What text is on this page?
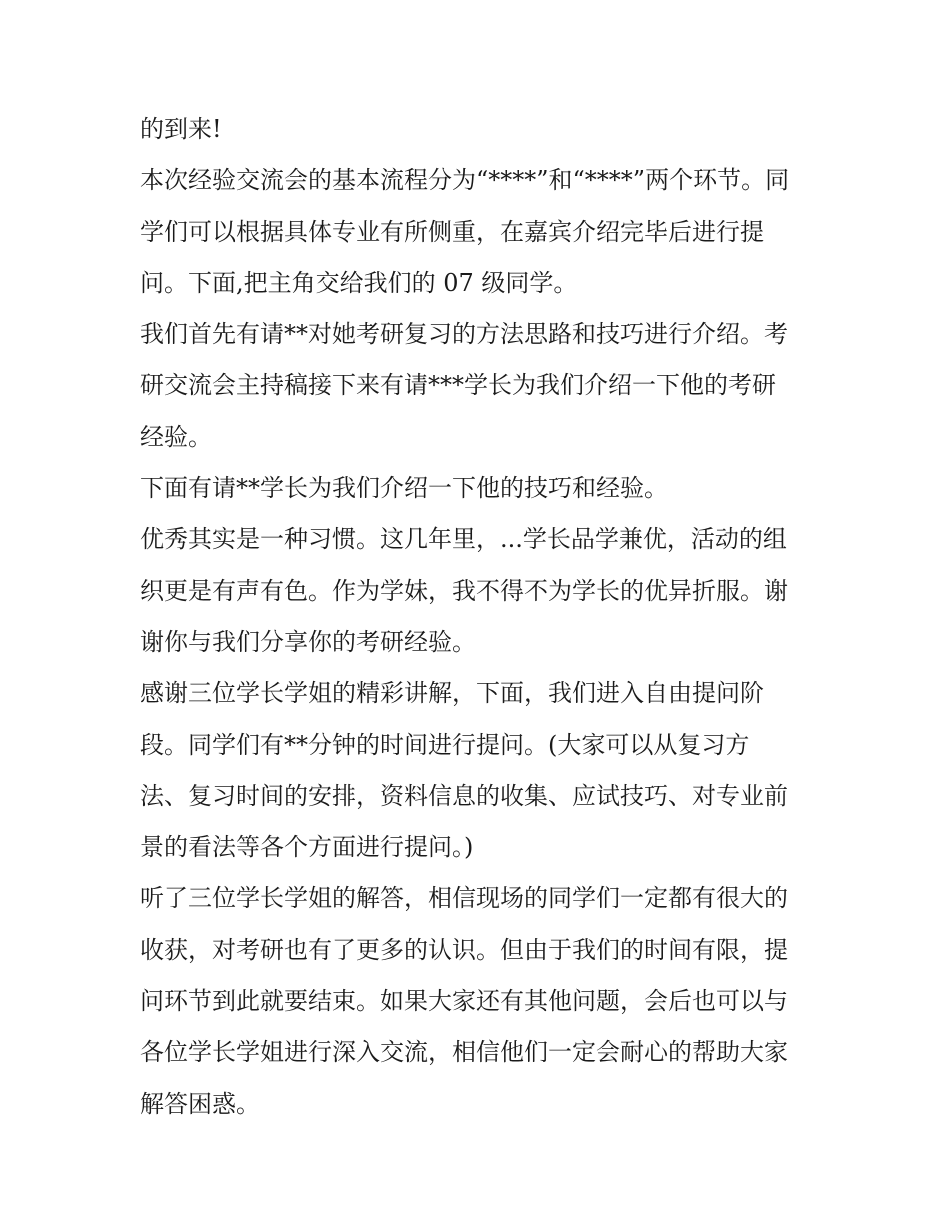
的到来!
本次经验交流会的基本流程分为“****”和“****”两个环节。同
学们可以根据具体专业有所侧重，在嘉宾介绍完毕后进行提
问。下面,把主角交给我们的 07 级同学。
我们首先有请**对她考研复习的方法思路和技巧进行介绍。考
研交流会主持稿接下来有请***学长为我们介绍一下他的考研
经验。
下面有请**学长为我们介绍一下他的技巧和经验。
优秀其实是一种习惯。这几年里，...学长品学兼优，活动的组
织更是有声有色。作为学妹，我不得不为学长的优异折服。谢
谢你与我们分享你的考研经验。
感谢三位学长学姐的精彩讲解，下面，我们进入自由提问阶
段。同学们有**分钟的时间进行提问。(大家可以从复习方
法、复习时间的安排，资料信息的收集、应试技巧、对专业前
景的看法等各个方面进行提问。)
听了三位学长学姐的解答，相信现场的同学们一定都有很大的
收获，对考研也有了更多的认识。但由于我们的时间有限，提
问环节到此就要结束。如果大家还有其他问题，会后也可以与
各位学长学姐进行深入交流，相信他们一定会耐心的帮助大家
解答困惑。
